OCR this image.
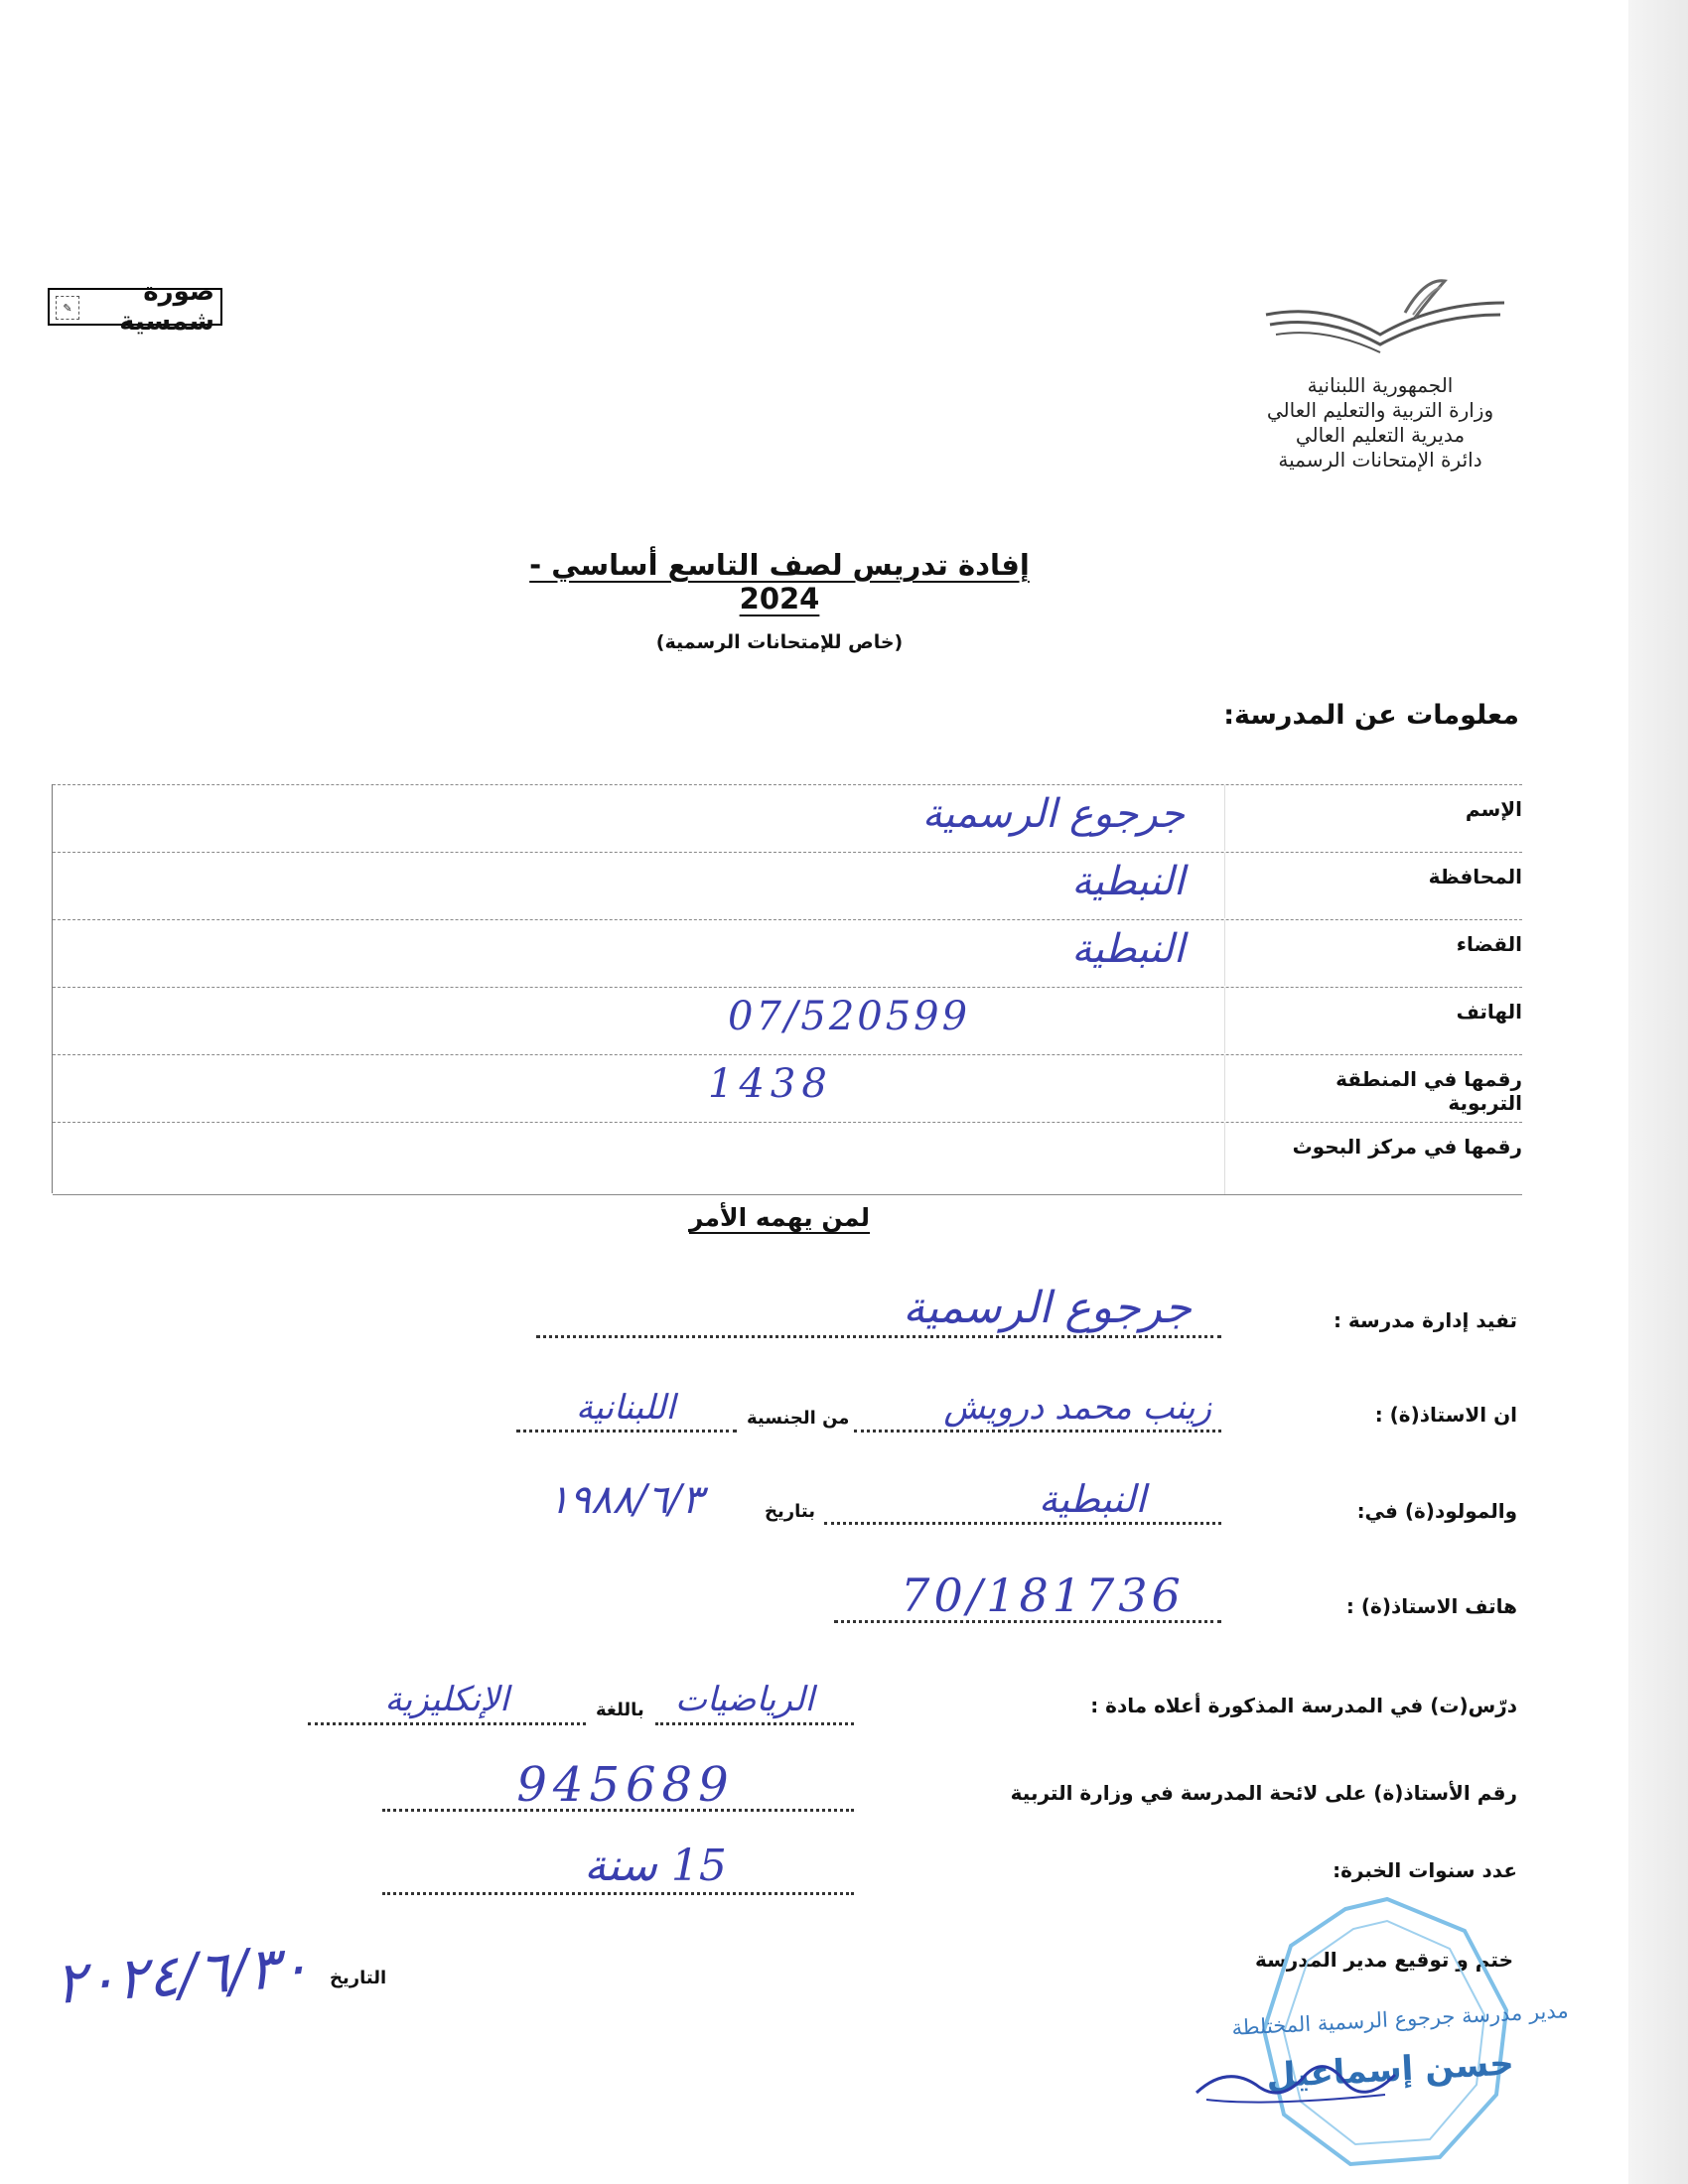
✎
صورة شمسية
الجمهورية اللبنانية
وزارة التربية والتعليم العالي
مديرية التعليم العالي
دائرة الإمتحانات الرسمية
إفادة تدريس لصف التاسع أساسي - 2024
(خاص للإمتحانات الرسمية)
معلومات عن المدرسة:
الإسم
جرجوع الرسمية
المحافظة
النبطية
القضاء
النبطية
الهاتف
07/520599
رقمها في المنطقة التربوية
1438
رقمها في مركز البحوث
لمن يهمه الأمر
تفيد إدارة مدرسة :
جرجوع الرسمية
ان الاستاذ(ة) :
زينب محمد درويش
من الجنسية
اللبنانية
والمولود(ة) في:
النبطية
بتاريخ
١٩٨٨/٦/٣
هاتف الاستاذ(ة) :
70/181736
درّس(ت) في المدرسة المذكورة أعلاه مادة :
الرياضيات
باللغة
الإنكليزية
رقم الأستاذ(ة) على لائحة المدرسة في وزارة التربية
945689
عدد سنوات الخبرة:
15 سنة
ختم و توقيع مدير المدرسة
التاريخ
٢٠٢٤/٦/٣٠
مدير مدرسة جرجوع الرسمية المختلطة
حسن إسماعيل
